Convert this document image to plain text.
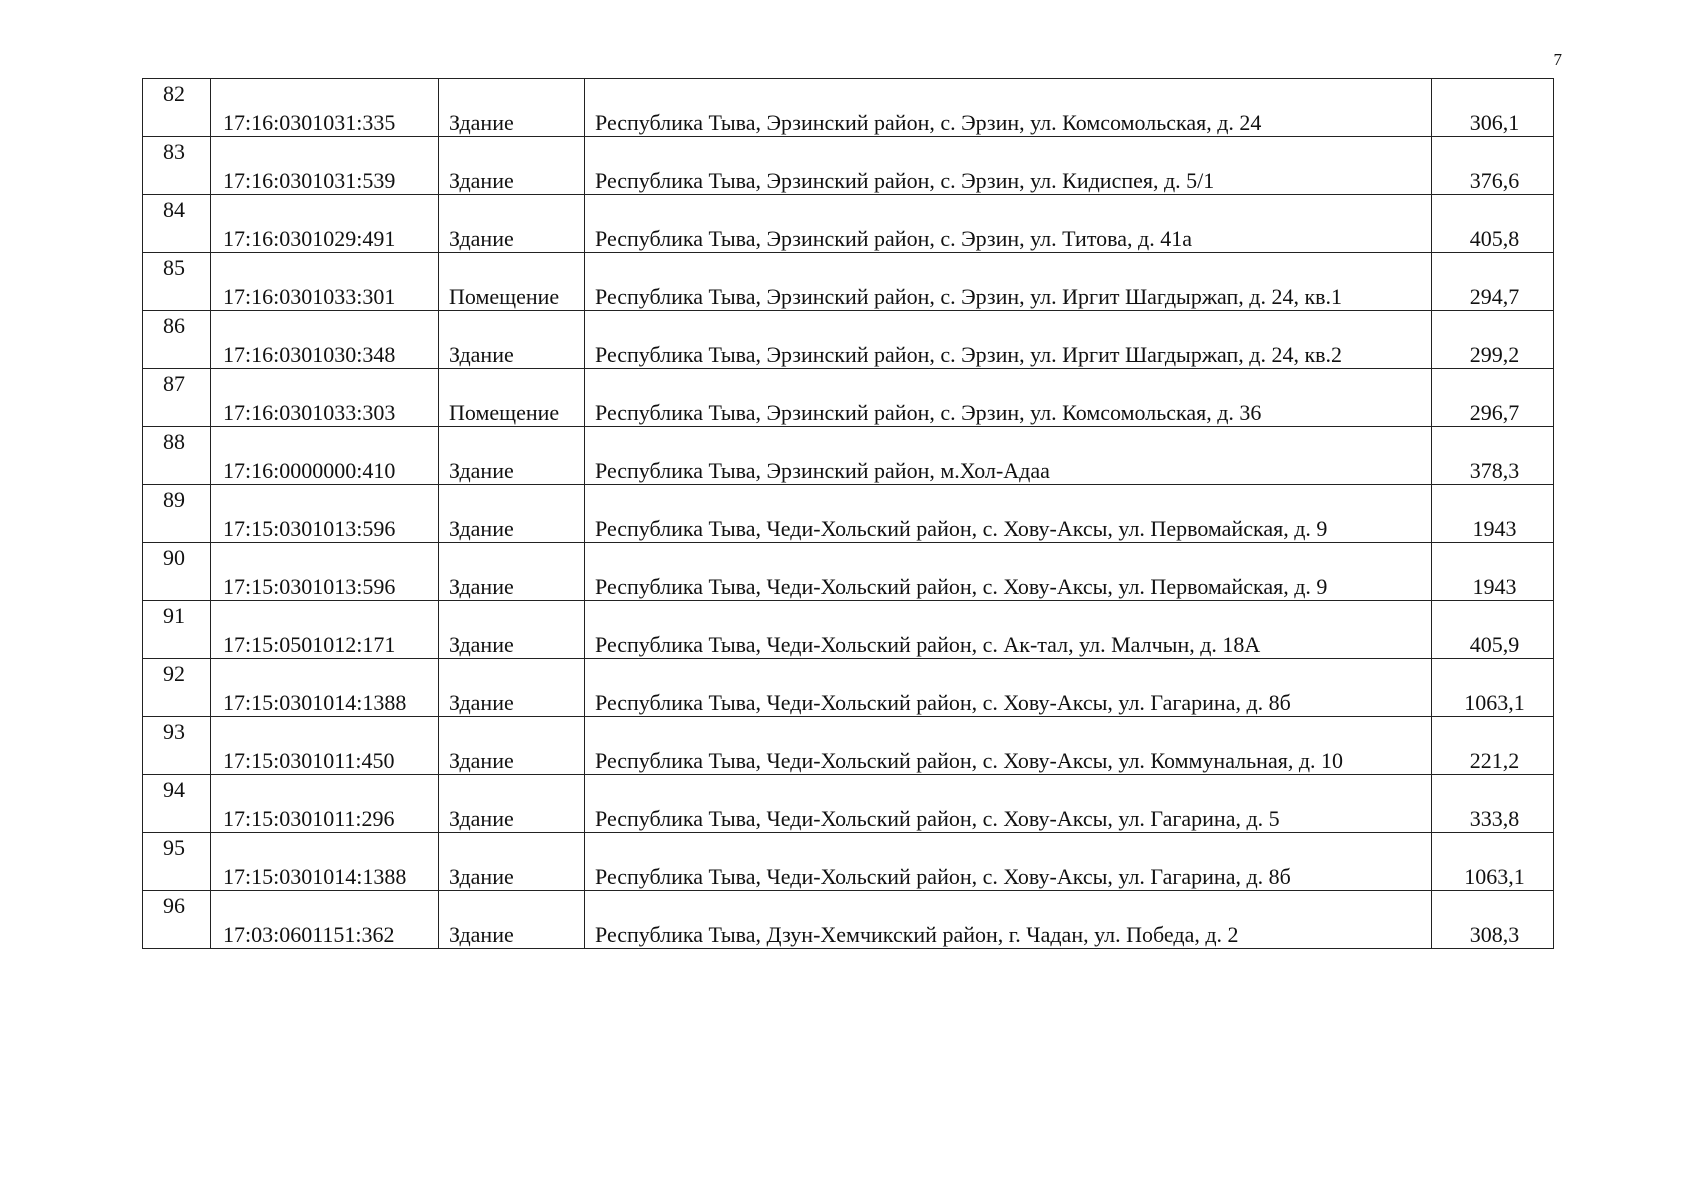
7
82	17:16:0301031:335	Здание	Республика Тыва, Эрзинский район, с. Эрзин, ул. Комсомольская, д. 24	306,1

83	17:16:0301031:539	Здание	Республика Тыва, Эрзинский район, с. Эрзин, ул. Кидиспея, д. 5/1	376,6

84	17:16:0301029:491	Здание	Республика Тыва, Эрзинский район, с. Эрзин, ул. Титова, д. 41а	405,8

85	17:16:0301033:301	Помещение	Республика Тыва, Эрзинский район, с. Эрзин, ул. Иргит Шагдыржап, д. 24, кв.1	294,7

86	17:16:0301030:348	Здание	Республика Тыва, Эрзинский район, с. Эрзин, ул. Иргит Шагдыржап, д. 24, кв.2	299,2

87	17:16:0301033:303	Помещение	Республика Тыва, Эрзинский район, с. Эрзин, ул. Комсомольская, д. 36	296,7

88	17:16:0000000:410	Здание	Республика Тыва, Эрзинский район, м.Хол-Адаа	378,3

89	17:15:0301013:596	Здание	Республика Тыва, Чеди-Хольский район, с. Хову-Аксы, ул. Первомайская, д. 9	1943

90	17:15:0301013:596	Здание	Республика Тыва, Чеди-Хольский район, с. Хову-Аксы, ул. Первомайская, д. 9	1943

91	17:15:0501012:171	Здание	Республика Тыва, Чеди-Хольский район, с. Ак-тал, ул. Малчын, д. 18А	405,9

92	17:15:0301014:1388	Здание	Республика Тыва, Чеди-Хольский район, с. Хову-Аксы, ул. Гагарина, д. 8б	1063,1

93	17:15:0301011:450	Здание	Республика Тыва, Чеди-Хольский район, с. Хову-Аксы, ул. Коммунальная, д. 10	221,2

94	17:15:0301011:296	Здание	Республика Тыва, Чеди-Хольский район, с. Хову-Аксы, ул. Гагарина, д. 5	333,8

95	17:15:0301014:1388	Здание	Республика Тыва, Чеди-Хольский район, с. Хову-Аксы, ул. Гагарина, д. 8б	1063,1

96	17:03:0601151:362	Здание	Республика Тыва, Дзун-Хемчикский район, г. Чадан, ул. Победа, д. 2	308,3
